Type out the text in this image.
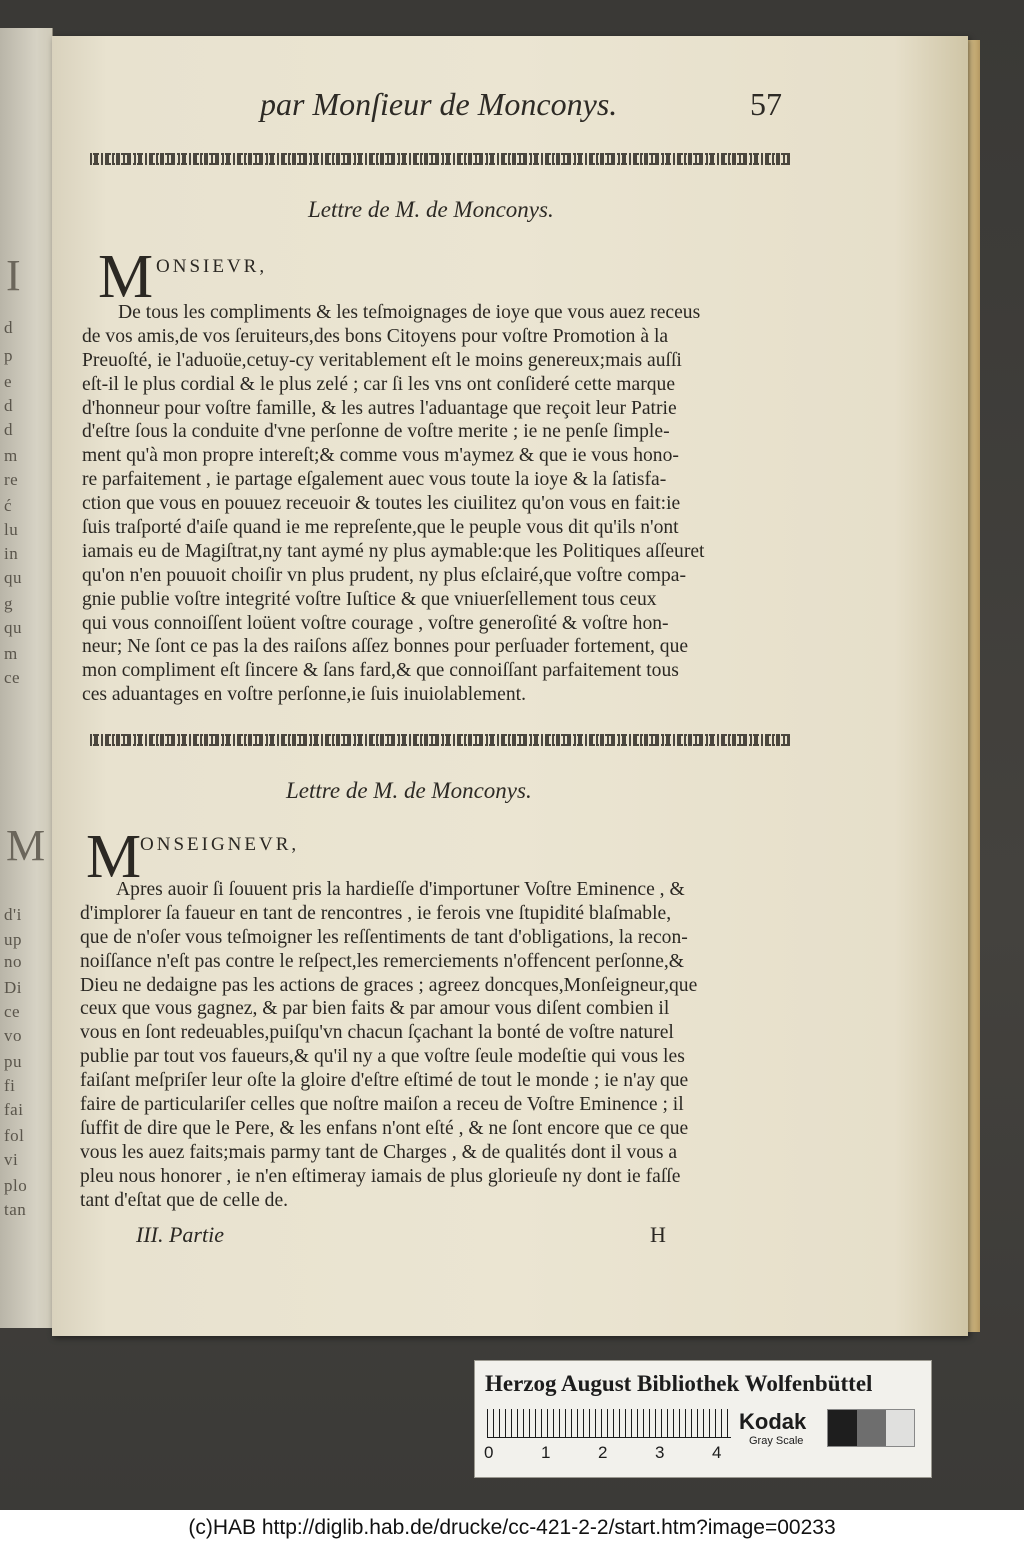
I
d
p
e
d
d
m
re
ć
lu
in
qu
g
qu
m
ce
M
d'i
up
no
Di
ce
vo
pu
fi
fai
fol
vi
plo
tan
par Monſieur de Monconys.	57
Lettre de M. de Monconys.
M ONSIEVR,
De tous les compliments & les teſmoignages de ioye que vous auez receus
de vos amis,de vos ſeruiteurs,des bons Citoyens pour voſtre Promotion à la
Preuoſté, ie l'aduoüe,cetuy-cy veritablement eſt le moins genereux;mais auſſi
eſt-il le plus cordial & le plus zelé ; car ſi les vns ont conſideré cette marque
d'honneur pour voſtre famille, & les autres l'aduantage que reçoit leur Patrie
d'eſtre ſous la conduite d'vne perſonne de voſtre merite ; ie ne penſe ſimple-
ment qu'à mon propre intereſt;& comme vous m'aymez & que ie vous hono-
re parfaitement , ie partage eſgalement auec vous toute la ioye & la ſatisfa-
ction que vous en pouuez receuoir & toutes les ciuilitez qu'on vous en fait:ie
ſuis traſporté d'aiſe quand ie me repreſente,que le peuple vous dit qu'ils n'ont
iamais eu de Magiſtrat,ny tant aymé ny plus aymable:que les Politiques aſſeuret
qu'on n'en pouuoit choiſir vn plus prudent, ny plus eſclairé,que voſtre compa-
gnie publie voſtre integrité voſtre Iuſtice & que vniuerſellement tous ceux
qui vous connoiſſent loüent voſtre courage , voſtre generoſité & voſtre hon-
neur; Ne ſont ce pas la des raiſons aſſez bonnes pour perſuader fortement, que
mon compliment eſt ſincere & ſans fard,& que connoiſſant parfaitement tous
ces aduantages en voſtre perſonne,ie ſuis inuiolablement.
Lettre de M. de Monconys.
M
ONSEIGNEVR,
Apres auoir ſi ſouuent pris la hardieſſe d'importuner Voſtre Eminence , &
d'implorer ſa faueur en tant de rencontres , ie ferois vne ſtupidité blaſmable,
que de n'oſer vous teſmoigner les reſſentiments de tant d'obligations, la recon-
noiſſance n'eſt pas contre le reſpect,les remerciements n'offencent perſonne,&
Dieu ne dedaigne pas les actions de graces ; agreez doncques,Monſeigneur,que
ceux que vous gagnez, & par bien faits & par amour vous diſent combien il
vous en ſont redeuables,puiſqu'vn chacun ſçachant la bonté de voſtre naturel
publie par tout vos faueurs,& qu'il ny a que voſtre ſeule modeſtie qui vous les
faiſant meſpriſer leur oſte la gloire d'eſtre eſtimé de tout le monde ; ie n'ay que
faire de particulariſer celles que noſtre maiſon a receu de Voſtre Eminence ; il
ſuffit de dire que le Pere, & les enfans n'ont eſté , & ne ſont encore que ce que
vous les auez faits;mais parmy tant de Charges , & de qualités dont il vous a
pleu nous honorer , ie n'en eſtimeray iamais de plus glorieuſe ny dont ie faſſe
tant d'eſtat que de celle de.
III. Partie	H
Herzog August Bibliothek Wolfenbüttel
0	1	2	3	4
Kodak
Gray Scale
(c)HAB http://diglib.hab.de/drucke/cc-421-2-2/start.htm?image=00233
